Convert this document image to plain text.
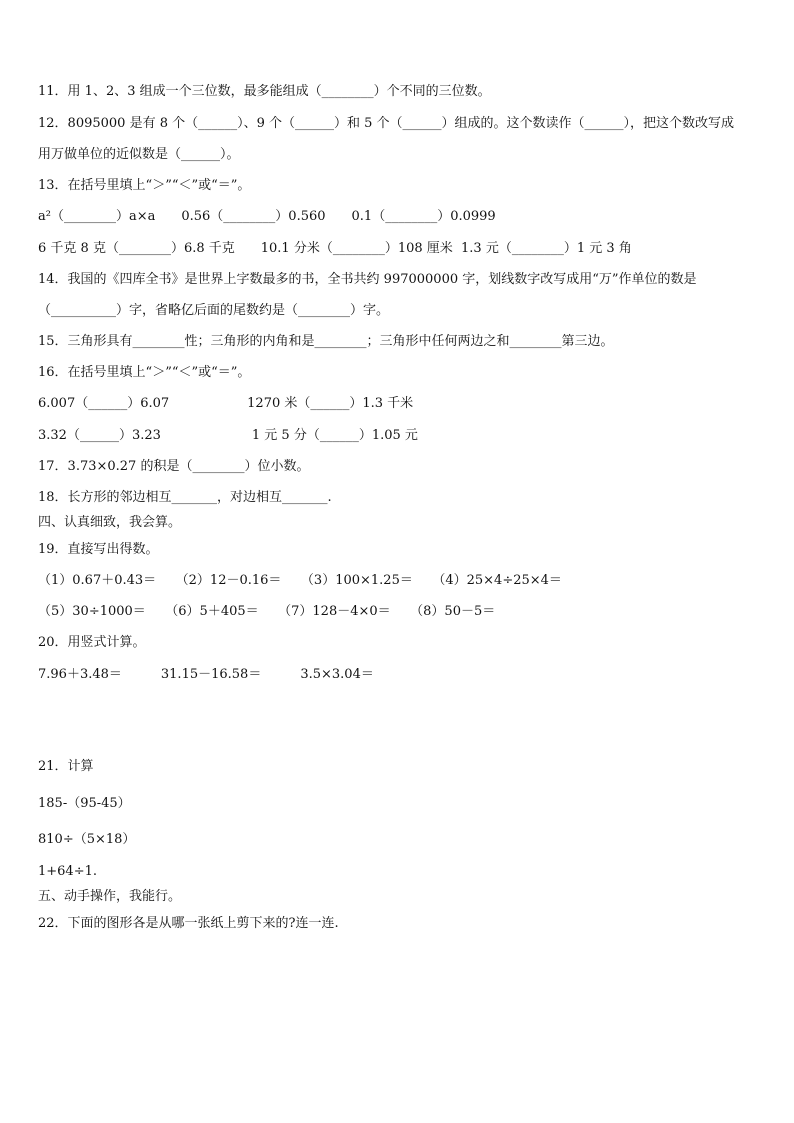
11．用 1、2、3 组成一个三位数，最多能组成（________）个不同的三位数。
12．8095000 是有 8 个（______）、9 个（______）和 5 个（______）组成的。这个数读作（______），把这个数改写成
用万做单位的近似数是（______）。
13．在括号里填上“＞”“＜”或“＝”。
a²（________）a×a　　0.56（________）0.560　　0.1（________）0.0999
6 千克 8 克（________）6.8 千克　　10.1 分米（________）108 厘米  1.3 元（________）1 元 3 角
14．我国的《四库全书》是世界上字数最多的书，全书共约 997000000 字，划线数字改写成用“万”作单位的数是
（__________）字，省略亿后面的尾数约是（________）字。
15．三角形具有________性；三角形的内角和是________；三角形中任何两边之和________第三边。
16．在括号里填上“＞”“＜”或“＝”。
6.007（______）6.07　　　　　　1270 米（______）1.3 千米
3.32（______）3.23　　　　　　　1 元 5 分（______）1.05 元
17．3.73×0.27 的积是（________）位小数。
18．长方形的邻边相互_______，对边相互_______.
四、认真细致，我会算。
19．直接写出得数。
（1）0.67＋0.43＝　　（2）12－0.16＝　　（3）100×1.25＝　　（4）25×4÷25×4＝
（5）30÷1000＝　　（6）5＋405＝　　（7）128－4×0＝　　（8）50－5＝
20．用竖式计算。
7.96＋3.48＝　　　31.15－16.58＝　　　3.5×3.04＝
21．计算
185-（95-45）
810÷（5×18）
1+64÷1.
五、动手操作，我能行。
22．下面的图形各是从哪一张纸上剪下来的?连一连.
